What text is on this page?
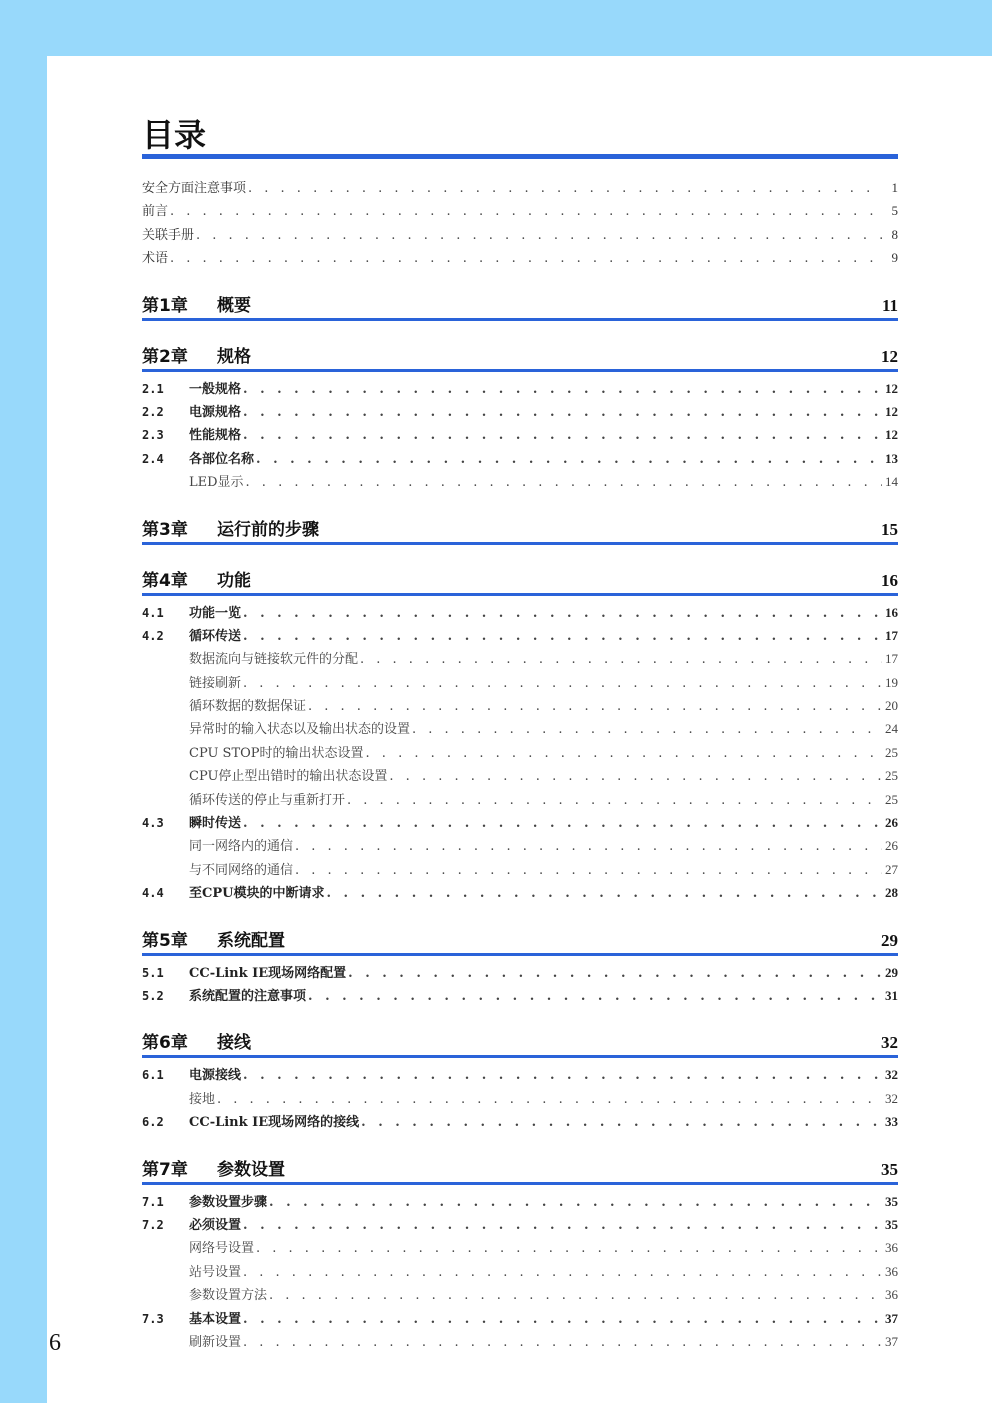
6
目录
安全方面注意事项 . . .	1
前言 . . .	5
关联手册 . . .	8
术语 . . .	9
第1章	概要	11
第2章	规格	12
2.1	一般规格 . . .	12
2.2	电源规格 . . .	12
2.3	性能规格 . . .	12
2.4	各部位名称 . . .	13
LED显示 . . .	14
第3章	运行前的步骤	15
第4章	功能	16
4.1	功能一览 . . .	16
4.2	循环传送 . . .	17
数据流向与链接软元件的分配 . . .	17
链接刷新 . . .	19
循环数据的数据保证 . . .	20
异常时的输入状态以及输出状态的设置 . . .	24
CPU STOP时的输出状态设置 . . .	25
CPU停止型出错时的输出状态设置 . . .	25
循环传送的停止与重新打开 . . .	25
4.3	瞬时传送 . . .	26
同一网络内的通信 . . .	26
与不同网络的通信 . . .	27
4.4	至CPU模块的中断请求 . . .	28
第5章	系统配置	29
5.1	CC-Link IE现场网络配置 . . .	29
5.2	系统配置的注意事项 . . .	31
第6章	接线	32
6.1	电源接线 . . .	32
接地 . . .	32
6.2	CC-Link IE现场网络的接线 . . .	33
第7章	参数设置	35
7.1	参数设置步骤 . . .	35
7.2	必须设置 . . .	35
网络号设置 . . .	36
站号设置 . . .	36
参数设置方法 . . .	36
7.3	基本设置 . . .	37
刷新设置 . . .	37
